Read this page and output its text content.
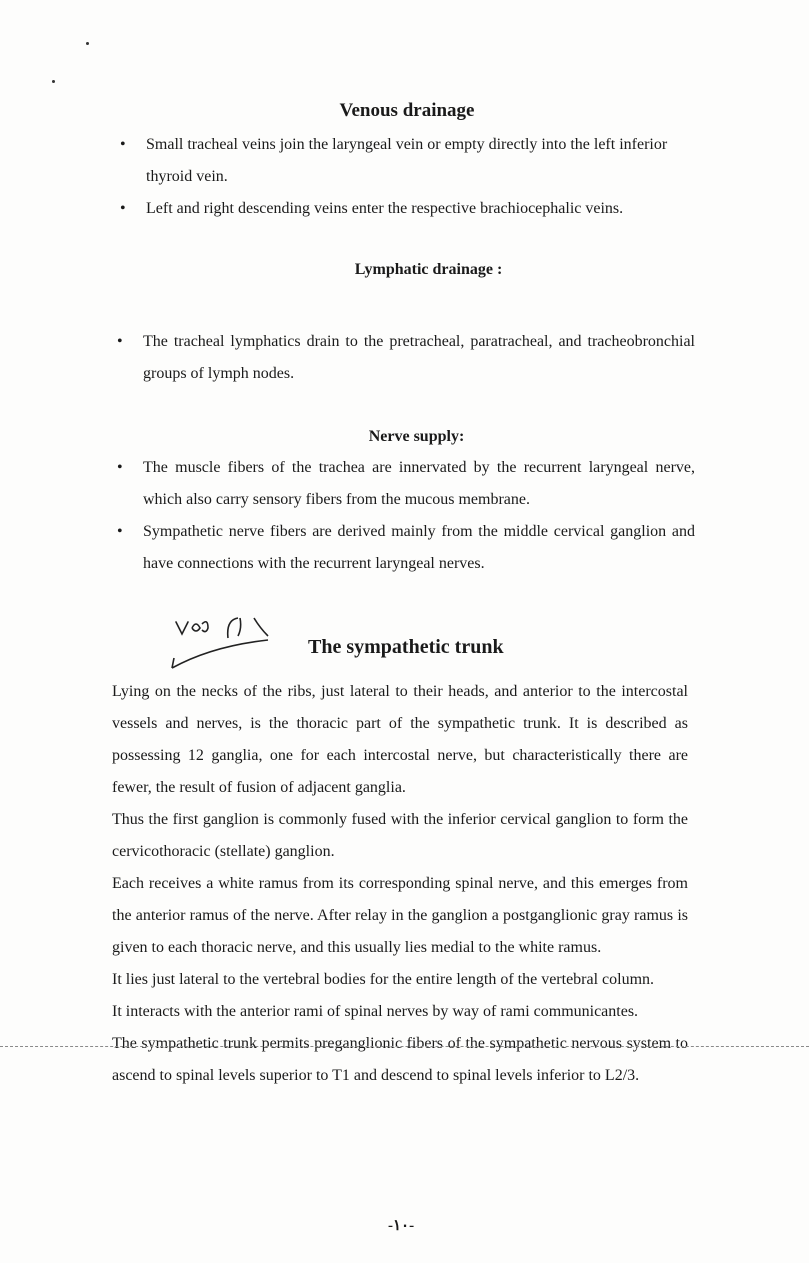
Venous drainage
• Small tracheal veins join the laryngeal vein or empty directly into the left inferior thyroid vein.
• Left and right descending veins enter the respective brachiocephalic veins.
Lymphatic drainage :
• The tracheal lymphatics drain to the pretracheal, paratracheal, and tracheobronchial groups of lymph nodes.
Nerve supply:
• The muscle fibers of the trachea are innervated by the recurrent laryngeal nerve, which also carry sensory fibers from the mucous membrane.
• Sympathetic nerve fibers are derived mainly from the middle cervical ganglion and have connections with the recurrent laryngeal nerves.
The sympathetic trunk

Lying on the necks of the ribs, just lateral to their heads, and anterior to the intercostal vessels and nerves, is the thoracic part of the sympathetic trunk. It is described as possessing 12 ganglia, one for each intercostal nerve, but characteristically there are fewer, the result of fusion of adjacent ganglia.

Thus the first ganglion is commonly fused with the inferior cervical ganglion to form the cervicothoracic (stellate) ganglion.

Each receives a white ramus from its corresponding spinal nerve, and this emerges from the anterior ramus of the nerve. After relay in the ganglion a postganglionic gray ramus is given to each thoracic nerve, and this usually lies medial to the white ramus.

It lies just lateral to the vertebral bodies for the entire length of the vertebral column.

It interacts with the anterior rami of spinal nerves by way of rami communicantes.

The sympathetic trunk permits preganglionic fibers of the sympathetic nervous system to ascend to spinal levels superior to T1 and descend to spinal levels inferior to L2/3.

-١٠-
